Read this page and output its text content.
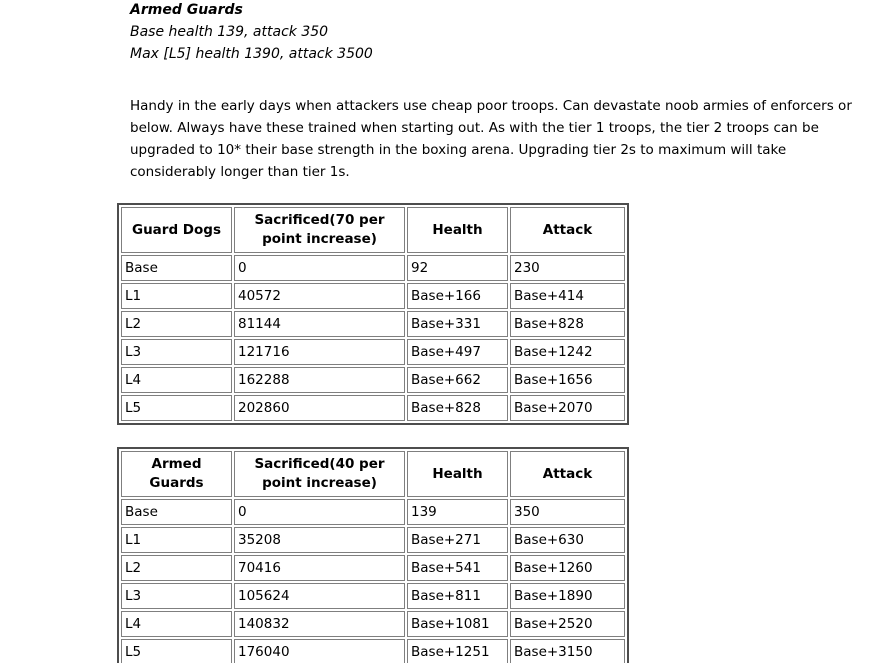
Armed Guards
Base health 139, attack 350
Max [L5] health 1390, attack 3500

Handy in the early days when attackers use cheap poor troops. Can devastate noob armies of enforcers or below. Always have these trained when starting out. As with the tier 1 troops, the tier 2 troops can be upgraded to 10* their base strength in the boxing arena. Upgrading tier 2s to maximum will take considerably longer than tier 1s.

Guard Dogs	Sacrificed(70 per point increase)	Health	Attack
Base	0	92	230
L1	40572	Base+166	Base+414
L2	81144	Base+331	Base+828
L3	121716	Base+497	Base+1242
L4	162288	Base+662	Base+1656
L5	202860	Base+828	Base+2070
Armed Guards	Sacrificed(40 per point increase)	Health	Attack
Base	0	139	350
L1	35208	Base+271	Base+630
L2	70416	Base+541	Base+1260
L3	105624	Base+811	Base+1890
L4	140832	Base+1081	Base+2520
L5	176040	Base+1251	Base+3150
